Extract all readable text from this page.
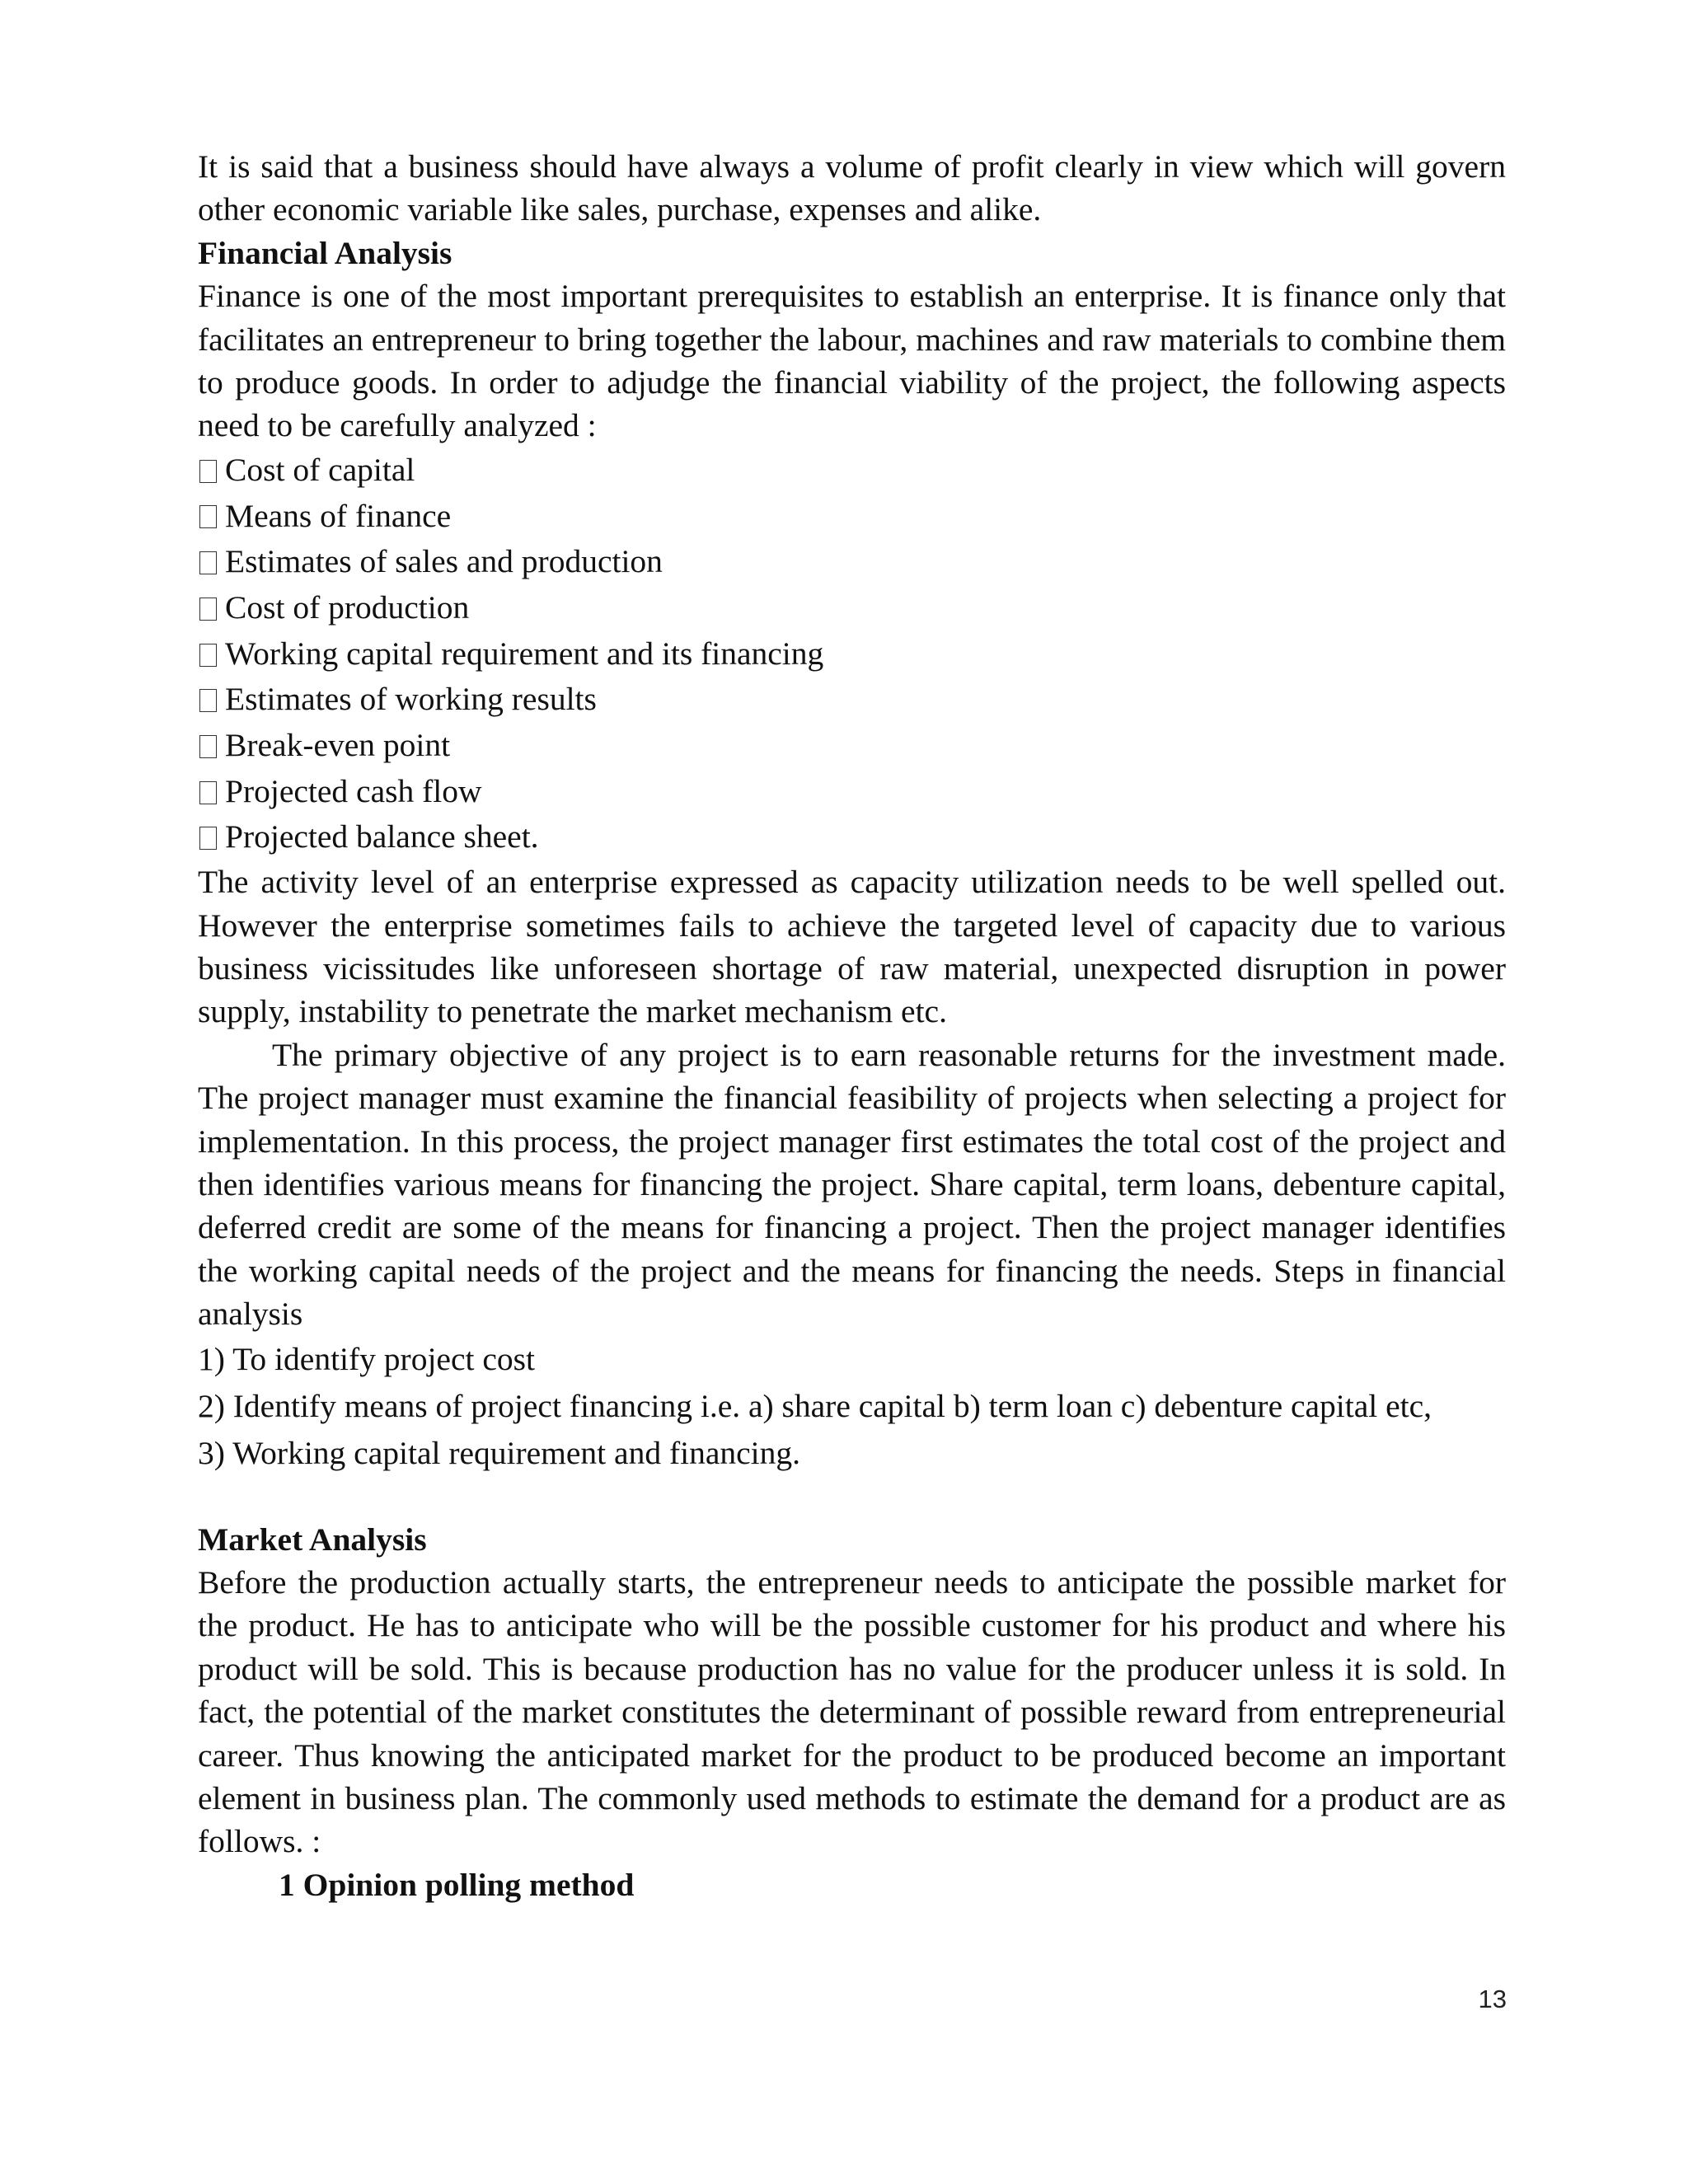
It is said that a business should have always a volume of profit clearly in view which will govern other economic variable like sales, purchase, expenses and alike.

Financial Analysis

Finance is one of the most important prerequisites to establish an enterprise. It is finance only that facilitates an entrepreneur to bring together the labour, machines and raw materials to combine them to produce goods. In order to adjudge the financial viability of the project, the following aspects need to be carefully analyzed :

Cost of capital
Means of finance
Estimates of sales and production
Cost of production
Working capital requirement and its financing
Estimates of working results
Break-even point
Projected cash flow
Projected balance sheet.

The activity level of an enterprise expressed as capacity utilization needs to be well spelled out. However the enterprise sometimes fails to achieve the targeted level of capacity due to various business vicissitudes like unforeseen shortage of raw material, unexpected disruption in power supply, instability to penetrate the market mechanism etc.

The primary objective of any project is to earn reasonable returns for the investment made. The project manager must examine the financial feasibility of projects when selecting a project for implementation. In this process, the project manager first estimates the total cost of the project and then identifies various means for financing the project. Share capital, term loans, debenture capital, deferred credit are some of the means for financing a project. Then the project manager identifies the working capital needs of the project and the means for financing the needs. Steps in financial analysis

1) To identify project cost
2) Identify means of project financing i.e. a) share capital b) term loan c) debenture capital etc,
3) Working capital requirement and financing.

Market Analysis

Before the production actually starts, the entrepreneur needs to anticipate the possible market for the product. He has to anticipate who will be the possible customer for his product and where his product will be sold. This is because production has no value for the producer unless it is sold. In fact, the potential of the market constitutes the determinant of possible reward from entrepreneurial career. Thus knowing the anticipated market for the product to be produced become an important element in business plan. The commonly used methods to estimate the demand for a product are as follows. :

1 Opinion polling method

13
